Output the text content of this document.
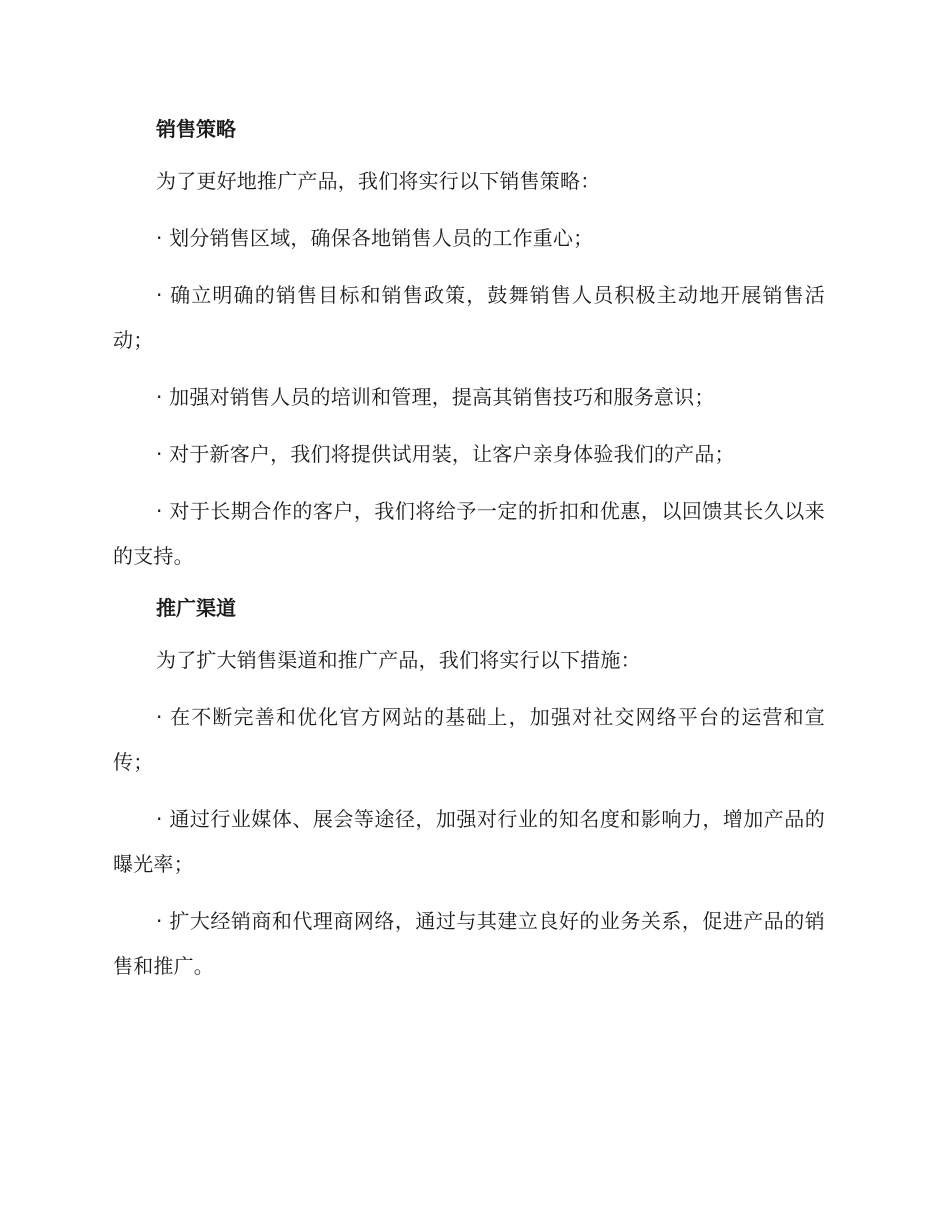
销售策略

为了更好地推广产品，我们将实行以下销售策略：

· 划分销售区域，确保各地销售人员的工作重心；

· 确立明确的销售目标和销售政策，鼓舞销售人员积极主动地开展销售活动；

· 加强对销售人员的培训和管理，提高其销售技巧和服务意识；

· 对于新客户，我们将提供试用装，让客户亲身体验我们的产品；

· 对于长期合作的客户，我们将给予一定的折扣和优惠，以回馈其长久以来的支持。

推广渠道

为了扩大销售渠道和推广产品，我们将实行以下措施：

· 在不断完善和优化官方网站的基础上，加强对社交网络平台的运营和宣传；

· 通过行业媒体、展会等途径，加强对行业的知名度和影响力，增加产品的曝光率；

· 扩大经销商和代理商网络，通过与其建立良好的业务关系，促进产品的销售和推广。
